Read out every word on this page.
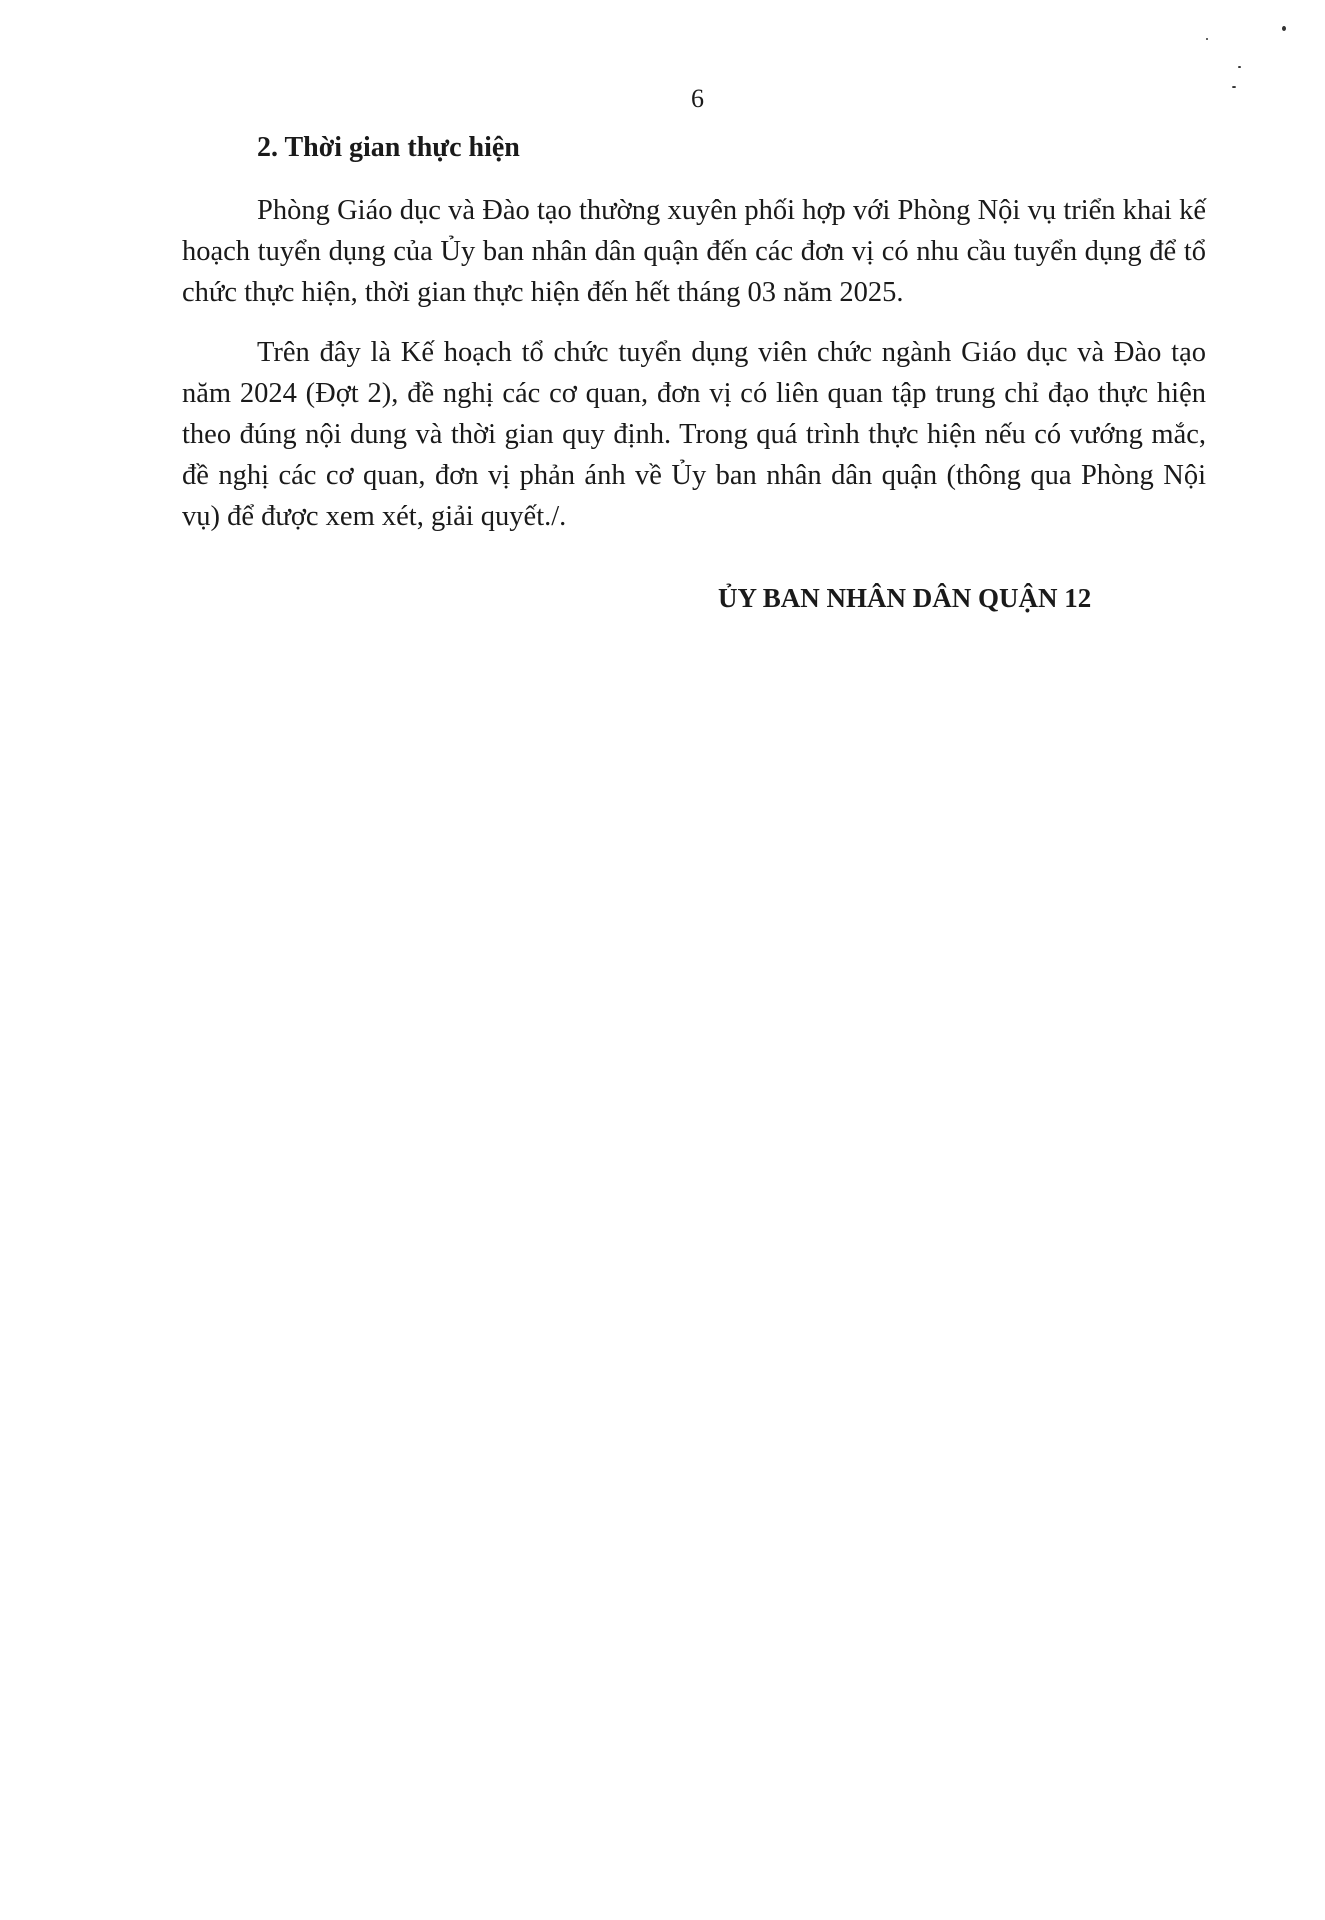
6
2. Thời gian thực hiện

Phòng Giáo dục và Đào tạo thường xuyên phối hợp với Phòng Nội vụ triển khai kế hoạch tuyển dụng của Ủy ban nhân dân quận đến các đơn vị có nhu cầu tuyển dụng để tổ chức thực hiện, thời gian thực hiện đến hết tháng 03 năm 2025.

Trên đây là Kế hoạch tổ chức tuyển dụng viên chức ngành Giáo dục và Đào tạo năm 2024 (Đợt 2), đề nghị các cơ quan, đơn vị có liên quan tập trung chỉ đạo thực hiện theo đúng nội dung và thời gian quy định. Trong quá trình thực hiện nếu có vướng mắc, đề nghị các cơ quan, đơn vị phản ánh về Ủy ban nhân dân quận (thông qua Phòng Nội vụ) để được xem xét, giải quyết./.

ỦY BAN NHÂN DÂN QUẬN 12
